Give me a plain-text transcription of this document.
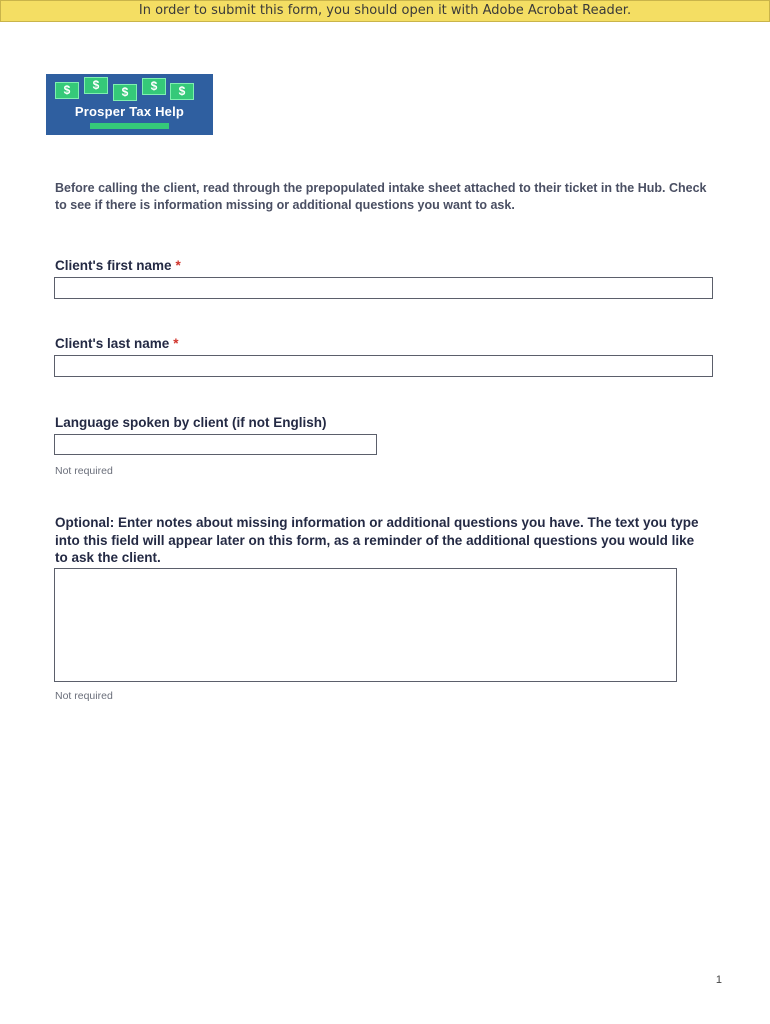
In order to submit this form, you should open it with Adobe Acrobat Reader.
$	$	$	$	$
Prosper Tax Help
Before calling the client, read through the prepopulated intake sheet attached to their ticket in the Hub. Check to see if there is information missing or additional questions you want to ask.
Client's first name *
Client's last name *
Language spoken by client (if not English)
Not required
Optional: Enter notes about missing information or additional questions you have. The text you type into this field will appear later on this form, as a reminder of the additional questions you would like to ask the client.
Not required
1
